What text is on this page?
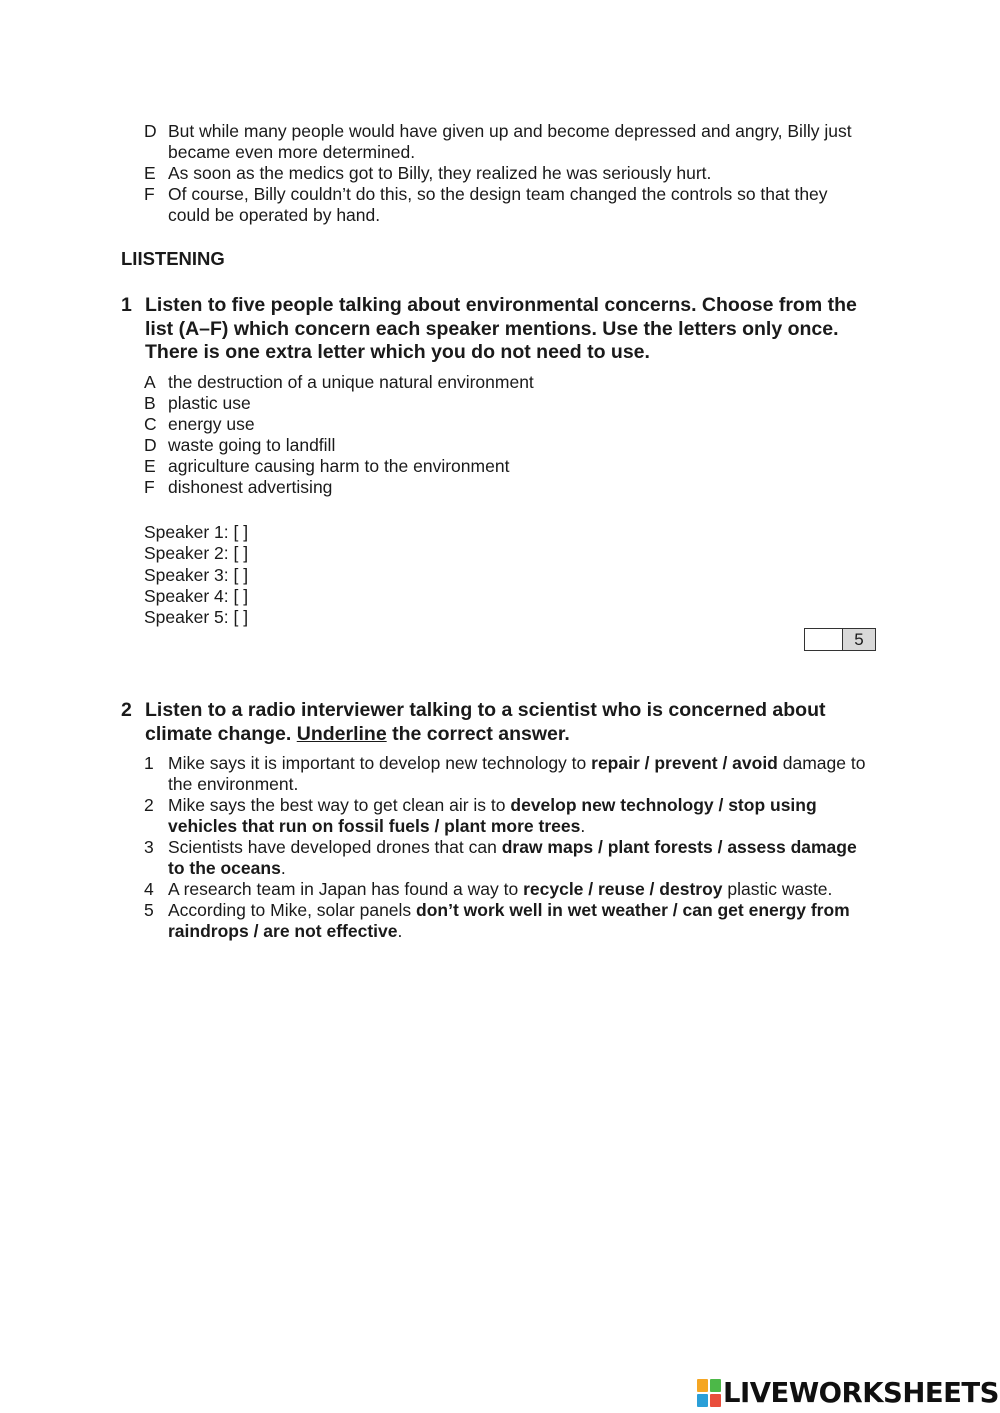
D But while many people would have given up and become depressed and angry, Billy just became even more determined.
E As soon as the medics got to Billy, they realized he was seriously hurt.
F Of course, Billy couldn’t do this, so the design team changed the controls so that they could be operated by hand.
LIISTENING
1 Listen to five people talking about environmental concerns. Choose from the list (A–F) which concern each speaker mentions. Use the letters only once. There is one extra letter which you do not need to use.
A the destruction of a unique natural environment
B plastic use
C energy use
D waste going to landfill
E agriculture causing harm to the environment
F dishonest advertising
Speaker 1: [ ]
Speaker 2: [ ]
Speaker 3: [ ]
Speaker 4: [ ]
Speaker 5: [ ]
5
2 Listen to a radio interviewer talking to a scientist who is concerned about climate change. Underline the correct answer.
1 Mike says it is important to develop new technology to repair / prevent / avoid damage to the environment.
2 Mike says the best way to get clean air is to develop new technology / stop using vehicles that run on fossil fuels / plant more trees.
3 Scientists have developed drones that can draw maps / plant forests / assess damage to the oceans.
4 A research team in Japan has found a way to recycle / reuse / destroy plastic waste.
5 According to Mike, solar panels don’t work well in wet weather / can get energy from raindrops / are not effective.
LIVEWORKSHEETS
